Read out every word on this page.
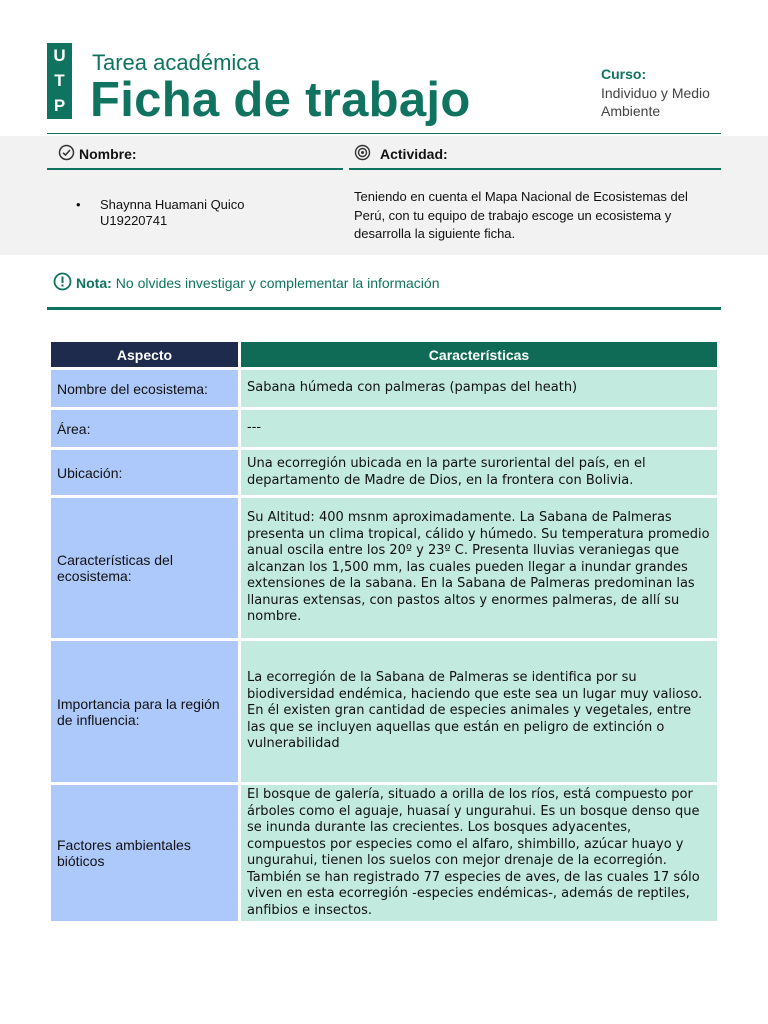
U
T
P
Tarea académica
Ficha de trabajo	Curso:
Individuo y Medio Ambiente
Nombre:	Actividad:
• Shaynna Huamani Quico
U19220741
Teniendo en cuenta el Mapa Nacional de Ecosistemas del Perú, con tu equipo de trabajo escoge un ecosistema y desarrolla la siguiente ficha.
Nota: No olvides investigar y complementar la información
Aspecto	Características
Nombre del ecosistema:	Sabana húmeda con palmeras (pampas del heath)
Área:	---
Ubicación:	Una ecorregión ubicada en la parte suroriental del país, en el departamento de Madre de Dios, en la frontera con Bolivia.
Características del ecosistema:	Su Altitud: 400 msnm aproximadamente. La Sabana de Palmeras presenta un clima tropical, cálido y húmedo. Su temperatura promedio anual oscila entre los 20º y 23º C. Presenta lluvias veraniegas que alcanzan los 1,500 mm, las cuales pueden llegar a inundar grandes extensiones de la sabana. En la Sabana de Palmeras predominan las llanuras extensas, con pastos altos y enormes palmeras, de allí su nombre.
Importancia para la región de influencia:	La ecorregión de la Sabana de Palmeras se identifica por su biodiversidad endémica, haciendo que este sea un lugar muy valioso. En él existen gran cantidad de especies animales y vegetales, entre las que se incluyen aquellas que están en peligro de extinción o vulnerabilidad
Factores ambientales bióticos	El bosque de galería, situado a orilla de los ríos, está compuesto por árboles como el aguaje, huasaí y ungurahui. Es un bosque denso que se inunda durante las crecientes. Los bosques adyacentes, compuestos por especies como el alfaro, shimbillo, azúcar huayo y ungurahui, tienen los suelos con mejor drenaje de la ecorregión. También se han registrado 77 especies de aves, de las cuales 17 sólo viven en esta ecorregión -especies endémicas-, además de reptiles, anfibios e insectos.
